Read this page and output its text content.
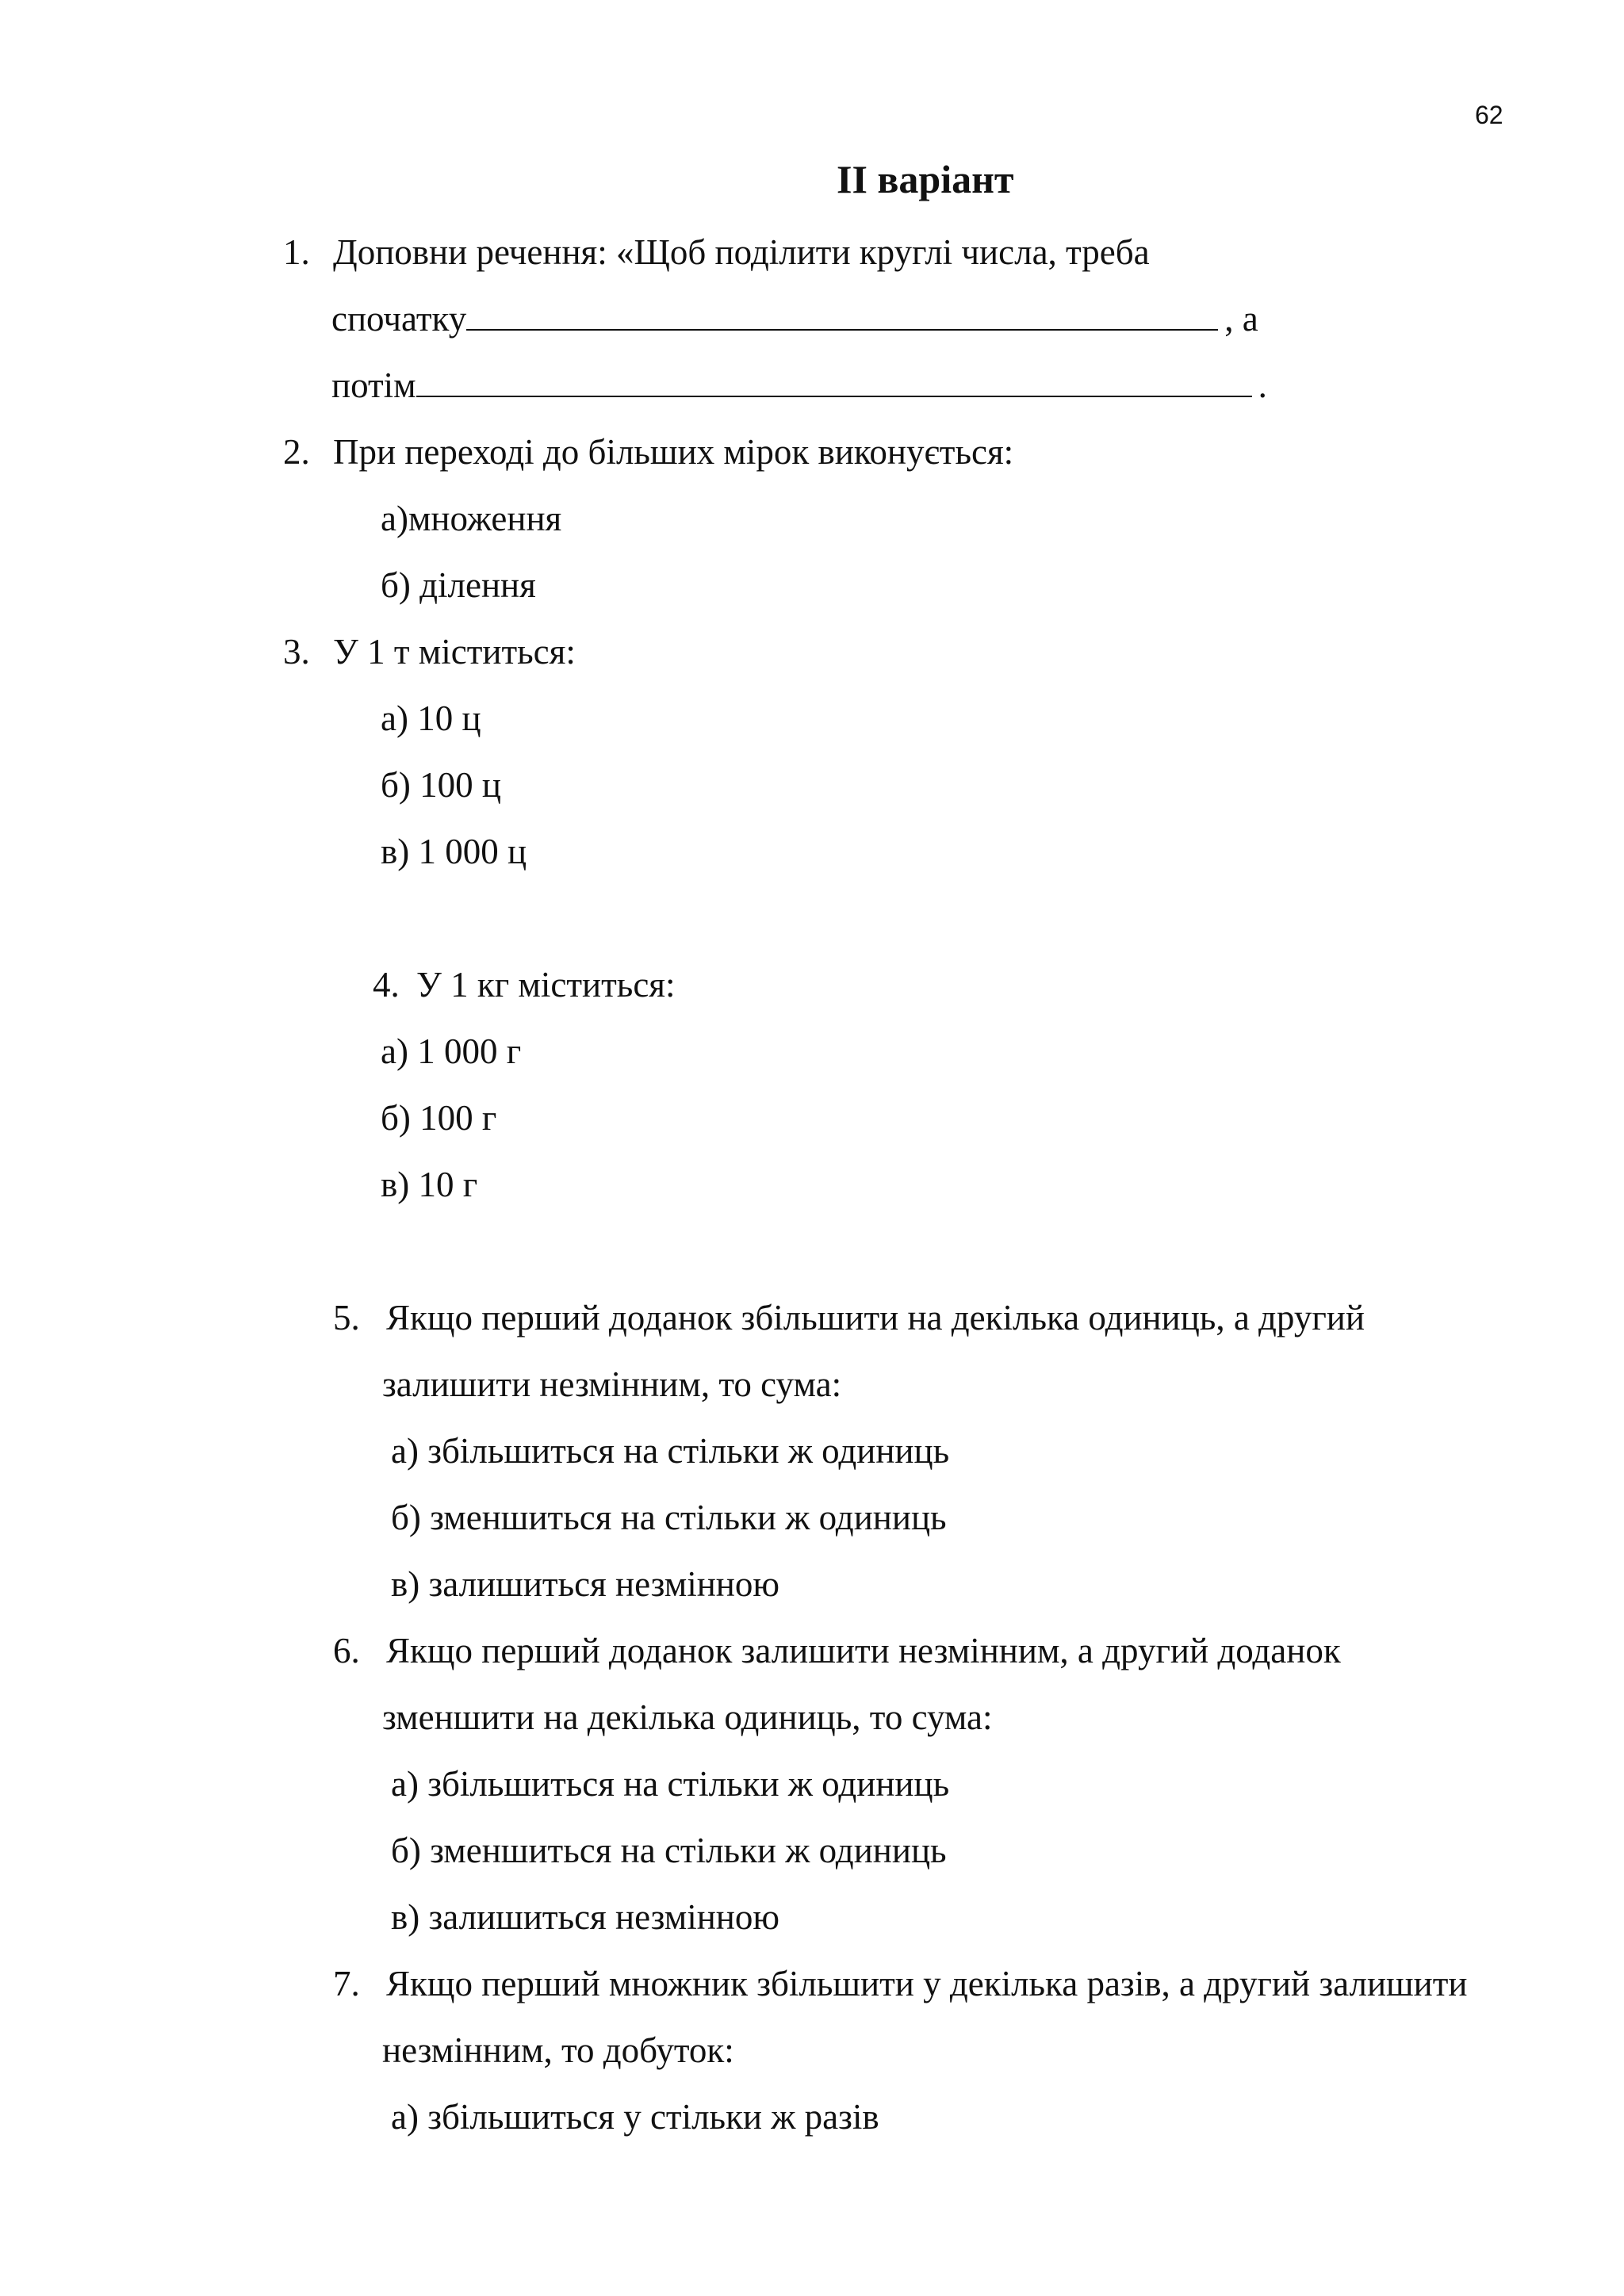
62
ІІ варіант
1. Доповни речення: «Щоб поділити круглі числа, треба
спочатку	, а
потім	.
2. При переході до більших мірок виконується:
а)множення
б) ділення
3. У 1 т міститься:
а) 10 ц
б) 100 ц
в) 1 000 ц
4. У 1 кг міститься:
а) 1 000 г
б) 100 г
в) 10 г
5. Якщо перший доданок збільшити на декілька одиниць, а другий
залишити незмінним, то сума:
а) збільшиться на стільки ж одиниць
б) зменшиться на стільки ж одиниць
в) залишиться незмінною
6. Якщо перший доданок залишити незмінним, а другий доданок
зменшити на декілька одиниць, то сума:
а) збільшиться на стільки ж одиниць
б) зменшиться на стільки ж одиниць
в) залишиться незмінною
7. Якщо перший множник збільшити у декілька разів, а другий залишити
незмінним, то добуток:
а) збільшиться у стільки ж разів
